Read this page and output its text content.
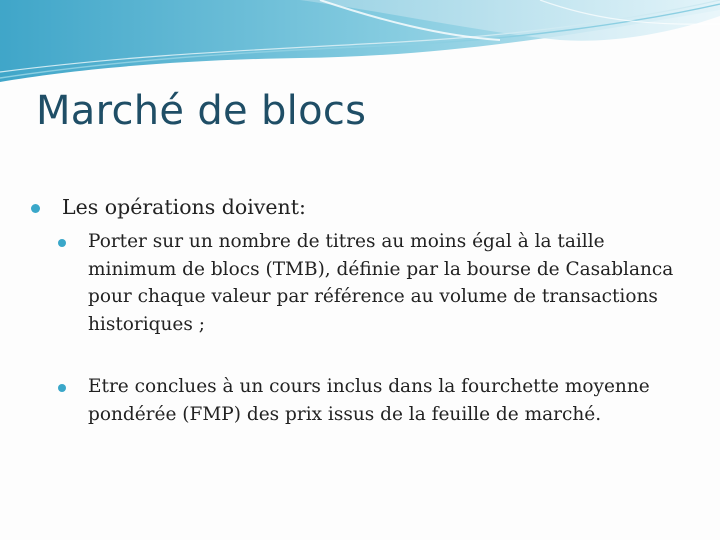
Marché de blocs
Les opérations doivent:
Porter sur un nombre de titres au moins égal à la taille minimum de blocs (TMB), définie par la bourse de Casablanca pour chaque valeur par référence au volume de transactions historiques ;
Etre conclues à un cours inclus dans la fourchette moyenne pondérée (FMP) des prix issus de la feuille de marché.
